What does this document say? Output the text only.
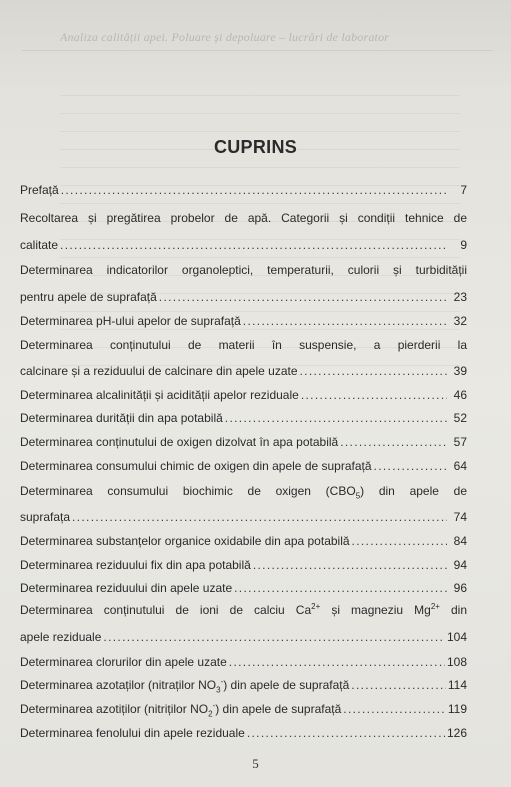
Analiza calității apei. Poluare și depoluare – lucrări de laborator
CUPRINS
Prefață . . .	7
Recoltarea și pregătirea probelor de apă. Categorii și condiții tehnice de
calitate . . .	9
Determinarea indicatorilor organoleptici, temperaturii, culorii și turbidității
pentru apele de suprafață . . .	23
Determinarea pH-ului apelor de suprafață . . .	32
Determinarea conținutului de materii în suspensie, a pierderii la
calcinare și a reziduului de calcinare din apele uzate . . .	39
Determinarea alcalinității și acidității apelor reziduale . . .	46
Determinarea durității din apa potabilă . . .	52
Determinarea conținutului de oxigen dizolvat în apa potabilă . . .	57
Determinarea consumului chimic de oxigen din apele de suprafață . . .	64
Determinarea consumului biochimic de oxigen $(CBO_5)$ din apele de
suprafața . . .	74
Determinarea substanțelor organice oxidabile din apa potabilă . . .	84
Determinarea reziduului fix din apa potabilă . . .	94
Determinarea reziduului din apele uzate . . .	96
Determinarea conținutului de ioni de calciu $Ca^{2+}$ și magneziu $Mg^{2+}$ din
apele reziduale . . .	104
Determinarea clorurilor din apele uzate . . .	108
Determinarea azotaților (nitraților $NO_3^-$) din apele de suprafață . . .	114
Determinarea azotiților (nitriților $NO_2^-$) din apele de suprafață . . .	119
Determinarea fenolului din apele reziduale . . .	126
5
